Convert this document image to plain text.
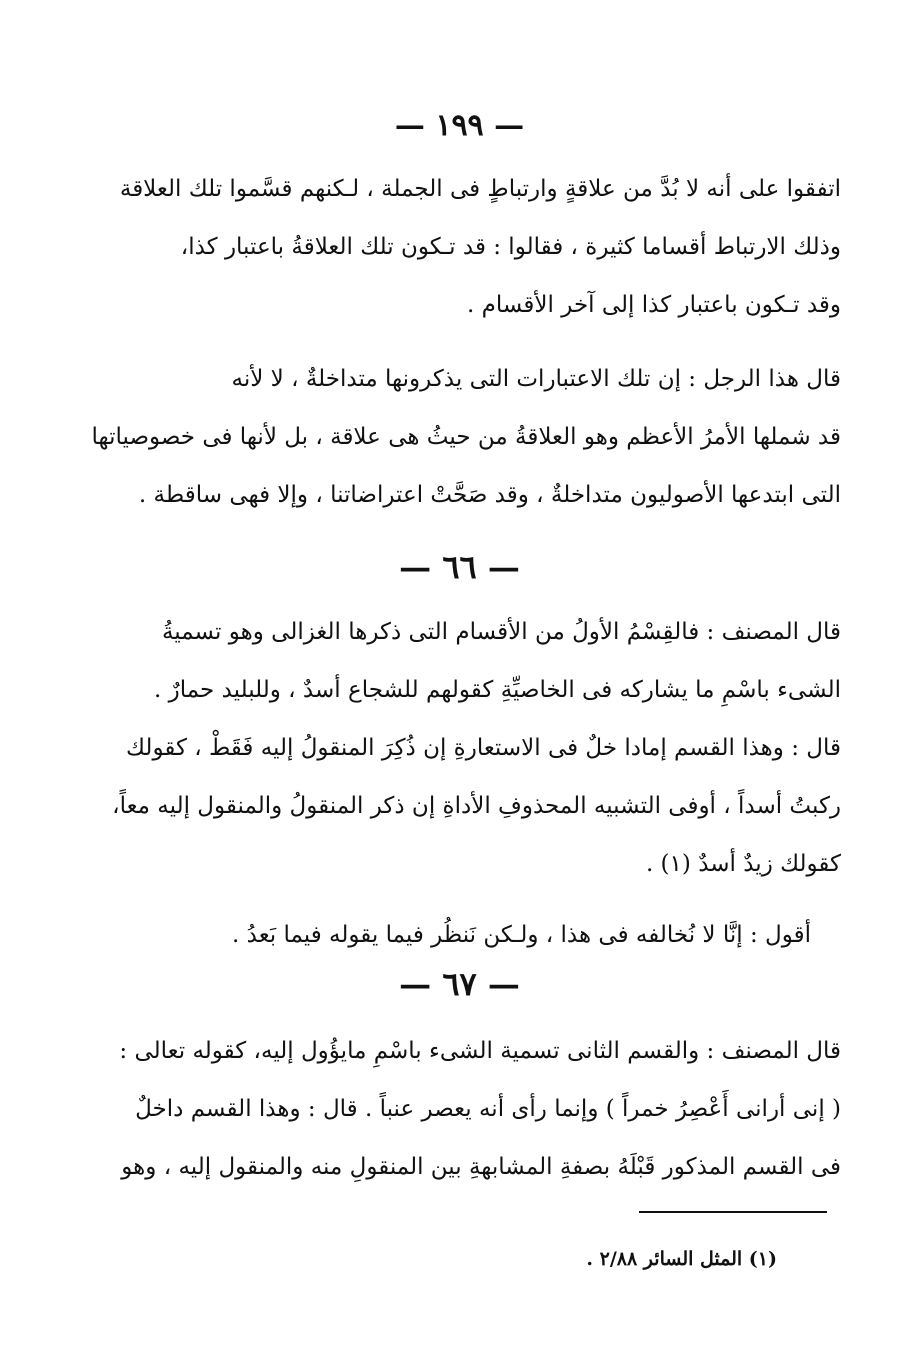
— ١٩٩ —
اتفقوا على أنه لا بُدَّ من علاقةٍ وارتباطٍ فى الجملة ، لـكنهم قسَّموا تلك العلاقة
وذلك الارتباط أقساما كثيرة ، فقالوا : قد تـكون تلك العلاقةُ باعتبار كذا،
وقد تـكون باعتبار كذا إلى آخر الأقسام .
قال هذا الرجل : إن تلك الاعتبارات التى يذكرونها متداخلةٌ ، لا لأنه
قد شملها الأمرُ الأعظم وهو العلاقةُ من حيثُ هى علاقة ، بل لأنها فى خصوصياتها
التى ابتدعها الأصوليون متداخلةٌ ، وقد صَحَّتْ اعتراضاتنا ، وإلا فهى ساقطة .
— ٦٦ —
قال المصنف : فالقِسْمُ الأولُ من الأقسام التى ذكرها الغزالى وهو تسميةُ
الشىء باسْمِ ما يشاركه فى الخاصيِّةِ كقولهم للشجاع أسدٌ ، وللبليد حمارٌ .
قال : وهذا القسم إمادا خلٌ فى الاستعارةِ إن ذُكِرَ المنقولُ إليه فَقَطْ ، كقولك
ركبتُ أسداً ، أوفى التشبيه المحذوفِ الأداةِ إن ذكر المنقولُ والمنقول إليه معاً،
كقولك زيدٌ أسدٌ (١) .
أقول : إنَّا لا نُخالفه فى هذا ، ولـكن نَنظُر فيما يقوله فيما بَعدُ .
— ٦٧ —
قال المصنف : والقسم الثانى تسمية الشىء باسْمِ مايؤُول إليه، كقوله تعالى :
( إنى أرانى أَعْصِرُ خمراً ) وإنما رأى أنه يعصر عنباً . قال : وهذا القسم داخلٌ
فى القسم المذكور قَبْلَهُ بصفةِ المشابهةِ بين المنقولِ منه والمنقول إليه ، وهو
(١) المثل السائر ٢/٨٨ .
